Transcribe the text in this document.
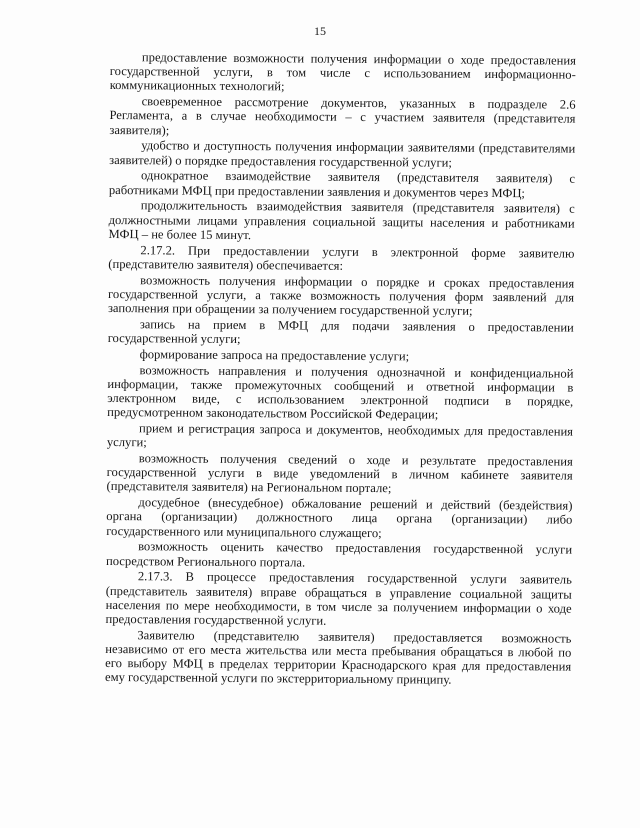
15

предоставление возможности получения информации о ходе предоставления государственной услуги, в том числе с использованием информационно-коммуникационных технологий;

своевременное рассмотрение документов, указанных в подразделе 2.6 Регламента, а в случае необходимости – с участием заявителя (представителя заявителя);

удобство и доступность получения информации заявителями (представителями заявителей) о порядке предоставления государственной услуги;

однократное взаимодействие заявителя (представителя заявителя) с работниками МФЦ при предоставлении заявления и документов через МФЦ;

продолжительность взаимодействия заявителя (представителя заявителя) с должностными лицами управления социальной защиты населения и работниками МФЦ – не более 15 минут.

2.17.2. При предоставлении услуги в электронной форме заявителю (представителю заявителя) обеспечивается:

возможность получения информации о порядке и сроках предоставления государственной услуги, а также возможность получения форм заявлений для заполнения при обращении за получением государственной услуги;

запись на прием в МФЦ для подачи заявления о предоставлении государственной услуги;

формирование запроса на предоставление услуги;

возможность направления и получения однозначной и конфиденциальной информации, также промежуточных сообщений и ответной информации в электронном виде, с использованием электронной подписи в порядке, предусмотренном законодательством Российской Федерации;

прием и регистрация запроса и документов, необходимых для предоставления услуги;

возможность получения сведений о ходе и результате предоставления государственной услуги в виде уведомлений в личном кабинете заявителя (представителя заявителя) на Региональном портале;

досудебное (внесудебное) обжалование решений и действий (бездействия) органа (организации) должностного лица органа (организации) либо государственного или муниципального служащего;

возможность оценить качество предоставления государственной услуги посредством Регионального портала.

2.17.3. В процессе предоставления государственной услуги заявитель (представитель заявителя) вправе обращаться в управление социальной защиты населения по мере необходимости, в том числе за получением информации о ходе предоставления государственной услуги.

Заявителю (представителю заявителя) предоставляется возможность независимо от его места жительства или места пребывания обращаться в любой по его выбору МФЦ в пределах территории Краснодарского края для предоставления ему государственной услуги по экстерриториальному принципу.
